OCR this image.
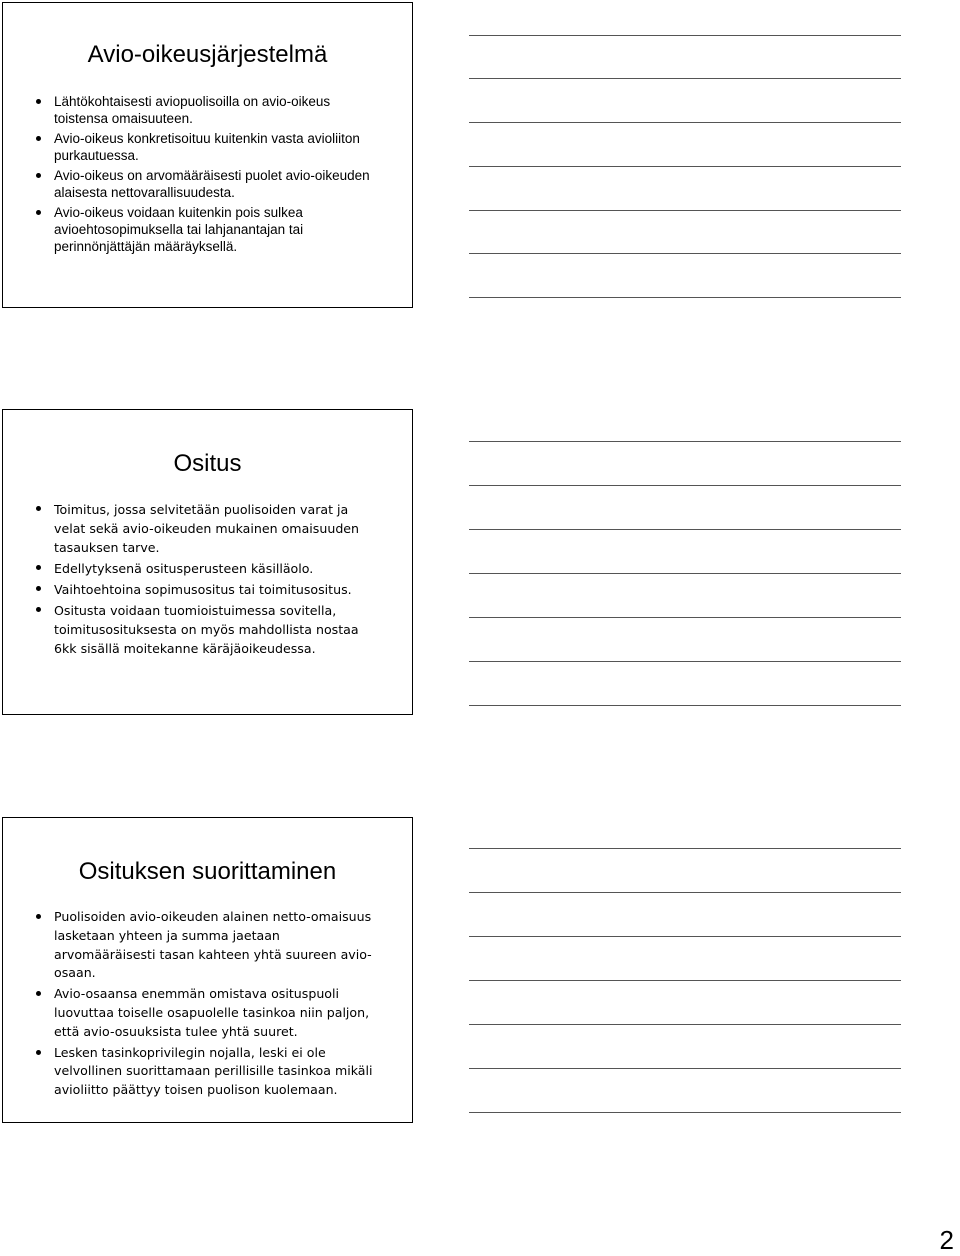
Avio-oikeusjärjestelmä
Lähtökohtaisesti aviopuolisoilla on avio-oikeus toistensa omaisuuteen.
Avio-oikeus konkretisoituu kuitenkin vasta avioliiton purkautuessa.
Avio-oikeus on arvomääräisesti puolet avio-oikeuden alaisesta nettovarallisuudesta.
Avio-oikeus voidaan kuitenkin pois sulkea avioehtosopimuksella tai lahjanantajan tai perinnönjättäjän määräyksellä.
Ositus
Toimitus, jossa selvitetään puolisoiden varat ja velat sekä avio-oikeuden mukainen omaisuuden tasauksen tarve.
Edellytyksenä ositusperusteen käsilläolo.
Vaihtoehtoina sopimusositus tai toimitusositus.
Ositusta voidaan tuomioistuimessa sovitella, toimitusosituksesta on myös mahdollista nostaa 6kk sisällä moitekanne käräjäoikeudessa.
Osituksen suorittaminen
Puolisoiden avio-oikeuden alainen netto-omaisuus lasketaan yhteen ja summa jaetaan arvomääräisesti tasan kahteen yhtä suureen avio-osaan.
Avio-osaansa enemmän omistava osituspuoli luovuttaa toiselle osapuolelle tasinkoa niin paljon, että avio-osuuksista tulee yhtä suuret.
Lesken tasinkoprivilegin nojalla, leski ei ole velvollinen suorittamaan perillisille tasinkoa mikäli avioliitto päättyy toisen puolison kuolemaan.
2
